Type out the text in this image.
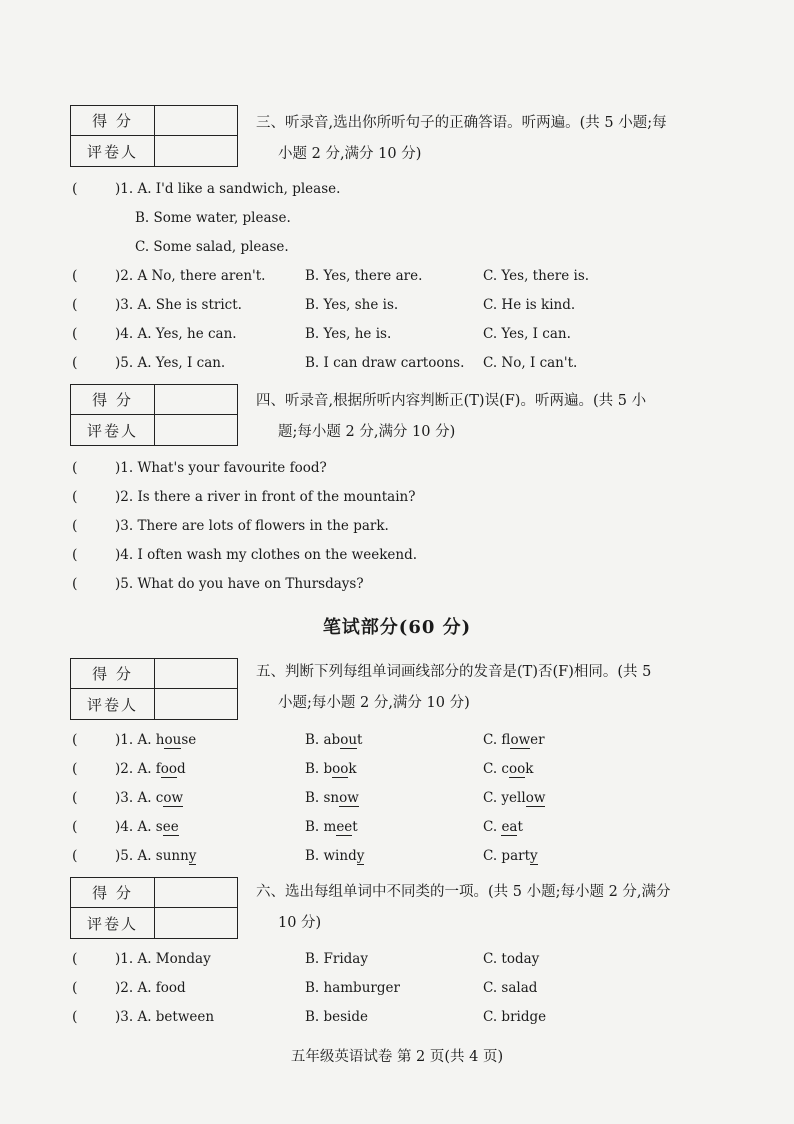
得 分
评卷人
三、听录音,选出你所听句子的正确答语。听两遍。(共 5 小题;每
小题 2 分,满分 10 分)
(	)1. A. I'd like a sandwich, please.
B. Some water, please.
C. Some salad, please.
(	)2. A No, there aren't.	B. Yes, there are.	C. Yes, there is.
(	)3. A. She is strict.	B. Yes, she is.	C. He is kind.
(	)4. A. Yes, he can.	B. Yes, he is.	C. Yes, I can.
(	)5. A. Yes, I can.	B. I can draw cartoons. C. No, I can't.
得 分
评卷人
四、听录音,根据所听内容判断正(T)误(F)。听两遍。(共 5 小
题;每小题 2 分,满分 10 分)
(	)1. What's your favourite food?
(	)2. Is there a river in front of the mountain?
(	)3. There are lots of flowers in the park.
(	)4. I often wash my clothes on the weekend.
(	)5. What do you have on Thursdays?
笔试部分(60 分)
得 分
评卷人
五、判断下列每组单词画线部分的发音是(T)否(F)相同。(共 5
小题;每小题 2 分,满分 10 分)
(	)1. A. house	B. about	C. flower
(	)2. A. food	B. book	C. cook
(	)3. A. cow	B. snow	C. yellow
(	)4. A. see	B. meet	C. eat
(	)5. A. sunny	B. windy	C. party
得 分
评卷人
六、选出每组单词中不同类的一项。(共 5 小题;每小题 2 分,满分
10 分)
(	)1. A. Monday	B. Friday	C. today
(	)2. A. food	B. hamburger	C. salad
(	)3. A. between	B. beside	C. bridge
五年级英语试卷 第 2 页(共 4 页)
